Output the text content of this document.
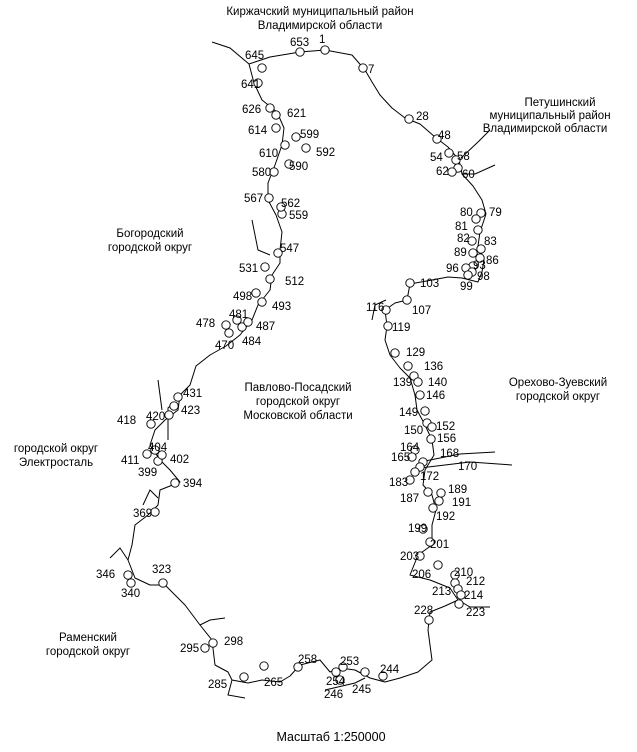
1
7
28
48
54 58
60
62
79
80
81
82 83
86
89
93
96
98
99
103
107
116
119
129
136
139 140
146
149
150 152
156
164
165	168
170
172
183
187
189
191
192
199
201
203
206 210
212
213 214
223
228
244
245
246
253
254
258
265
285
295
298
323
340
346
369
394
399
402
404
411
418 420 423
431
470
478
481
484
487
493
498
512
531
547
559
562
567
580 590
592
599
610
614
621
626
641
645
653
Киржачский муниципальный район
Владимирской области
Петушинский
муниципальный район
Владимирской области
Богородский
городской округ
Павлово-Посадский
городской округ
Московской области
Орехово-Зуевский
городской округ
городской округ
Электросталь
Раменский
городской округ
Масштаб 1:250000
